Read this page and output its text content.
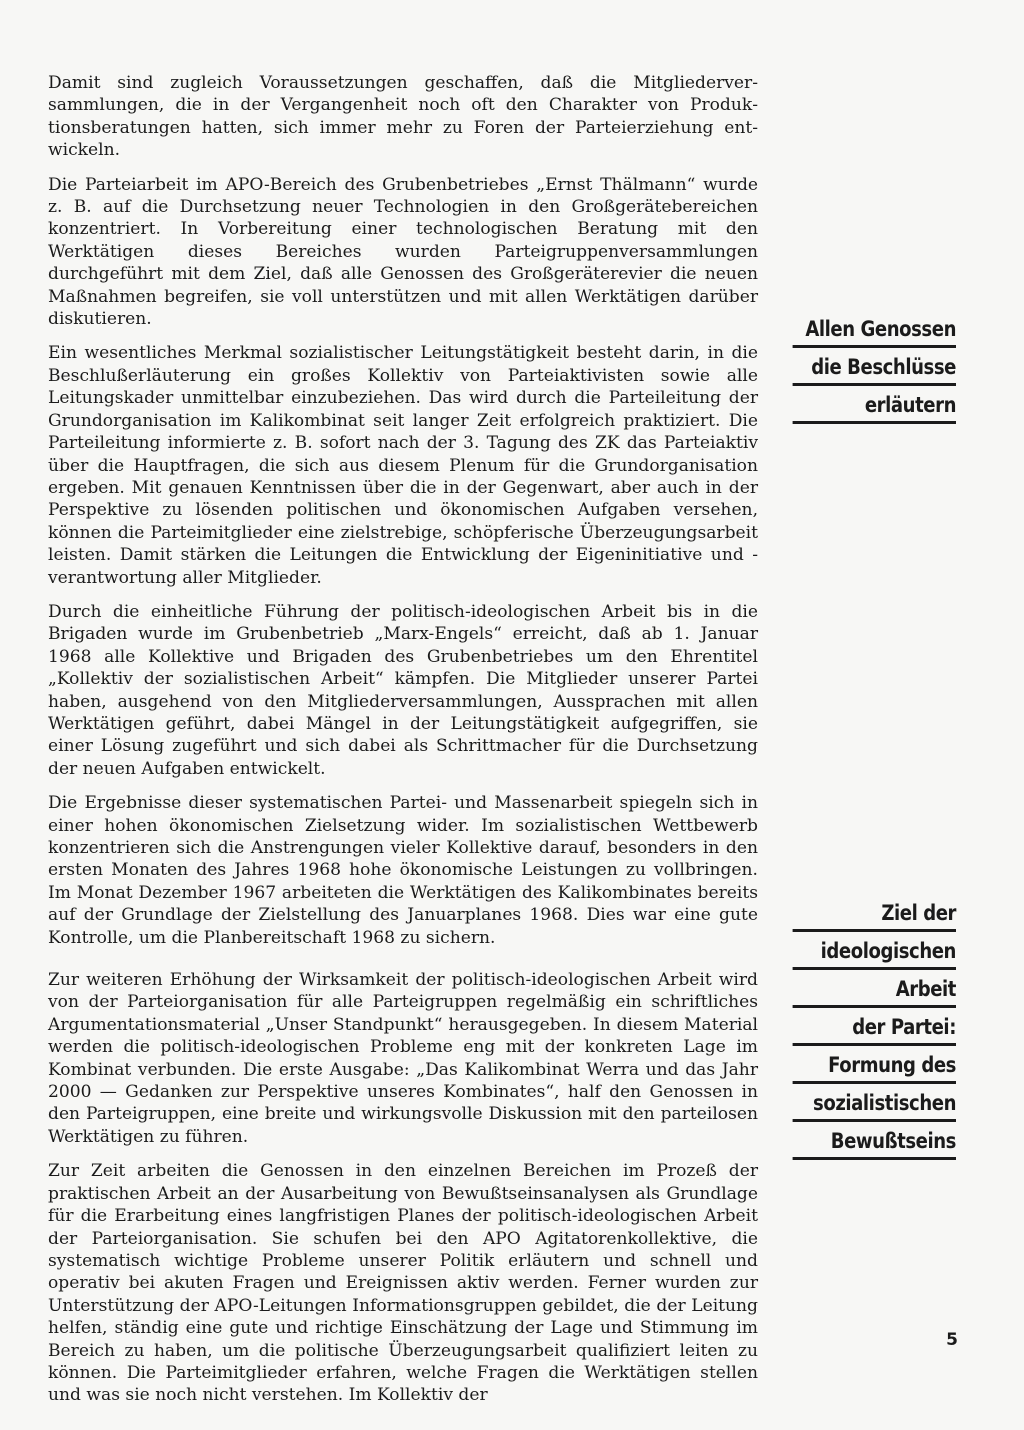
Damit sind zugleich Voraussetzungen geschaffen, daß die Mitgliederversammlungen, die in der Vergangenheit noch oft den Charakter von Produktionsberatungen hatten, sich immer mehr zu Foren der Parteierziehung entwickeln.

Die Parteiarbeit im APO-Bereich des Grubenbetriebes „Ernst Thälmann“ wurde z. B. auf die Durchsetzung neuer Technologien in den Großgerätebereichen konzentriert. In Vorbereitung einer technologischen Beratung mit den Werktätigen dieses Bereiches wurden Parteigruppenversammlungen durchgeführt mit dem Ziel, daß alle Genossen des Großgeräterevier die neuen Maßnahmen begreifen, sie voll unterstützen und mit allen Werktätigen darüber diskutieren.

Ein wesentliches Merkmal sozialistischer Leitungstätigkeit besteht darin, in die Beschlußerläuterung ein großes Kollektiv von Parteiaktivisten sowie alle Leitungskader unmittelbar einzubeziehen. Das wird durch die Parteileitung der Grundorganisation im Kalikombinat seit langer Zeit erfolgreich praktiziert. Die Parteileitung informierte z. B. sofort nach der 3. Tagung des ZK das Parteiaktiv über die Hauptfragen, die sich aus diesem Plenum für die Grundorganisation ergeben. Mit genauen Kenntnissen über die in der Gegenwart, aber auch in der Perspektive zu lösenden politischen und ökonomischen Aufgaben versehen, können die Parteimitglieder eine zielstrebige, schöpferische Überzeugungsarbeit leisten. Damit stärken die Leitungen die Entwicklung der Eigeninitiative und -verantwortung aller Mitglieder.

Durch die einheitliche Führung der politisch-ideologischen Arbeit bis in die Brigaden wurde im Grubenbetrieb „Marx-Engels“ erreicht, daß ab 1. Januar 1968 alle Kollektive und Brigaden des Grubenbetriebes um den Ehrentitel „Kollektiv der sozialistischen Arbeit“ kämpfen. Die Mitglieder unserer Partei haben, ausgehend von den Mitgliederversammlungen, Aussprachen mit allen Werktätigen geführt, dabei Mängel in der Leitungstätigkeit aufgegriffen, sie einer Lösung zugeführt und sich dabei als Schrittmacher für die Durchsetzung der neuen Aufgaben entwickelt.

Die Ergebnisse dieser systematischen Partei- und Massenarbeit spiegeln sich in einer hohen ökonomischen Zielsetzung wider. Im sozialistischen Wettbewerb konzentrieren sich die Anstrengungen vieler Kollektive darauf, besonders in den ersten Monaten des Jahres 1968 hohe ökonomische Leistungen zu vollbringen. Im Monat Dezember 1967 arbeiteten die Werktätigen des Kalikombinates bereits auf der Grundlage der Zielstellung des Januarplanes 1968. Dies war eine gute Kontrolle, um die Planbereitschaft 1968 zu sichern.

Zur weiteren Erhöhung der Wirksamkeit der politisch-ideologischen Arbeit wird von der Parteiorganisation für alle Parteigruppen regelmäßig ein schriftliches Argumentationsmaterial „Unser Standpunkt“ herausgegeben. In diesem Material werden die politisch-ideologischen Probleme eng mit der konkreten Lage im Kombinat verbunden. Die erste Ausgabe: „Das Kalikombinat Werra und das Jahr 2000 — Gedanken zur Perspektive unseres Kombinates“, half den Genossen in den Parteigruppen, eine breite und wirkungsvolle Diskussion mit den parteilosen Werktätigen zu führen.

Zur Zeit arbeiten die Genossen in den einzelnen Bereichen im Prozeß der praktischen Arbeit an der Ausarbeitung von Bewußtseinsanalysen als Grundlage für die Erarbeitung eines langfristigen Planes der politisch-ideologischen Arbeit der Parteiorganisation. Sie schufen bei den APO Agitatorenkollektive, die systematisch wichtige Probleme unserer Politik erläutern und schnell und operativ bei akuten Fragen und Ereignissen aktiv werden. Ferner wurden zur Unterstützung der APO-Leitungen Informationsgruppen gebildet, die der Leitung helfen, ständig eine gute und richtige Einschätzung der Lage und Stimmung im Bereich zu haben, um die politische Überzeugungsarbeit qualifiziert leiten zu können. Die Parteimitglieder erfahren, welche Fragen die Werktätigen stellen und was sie noch nicht verstehen. Im Kollektiv der

Allen Genossen
die Beschlüsse
erläutern
Ziel der
ideologischen
Arbeit
der Partei:
Formung des
sozialistischen
Bewußtseins
5
